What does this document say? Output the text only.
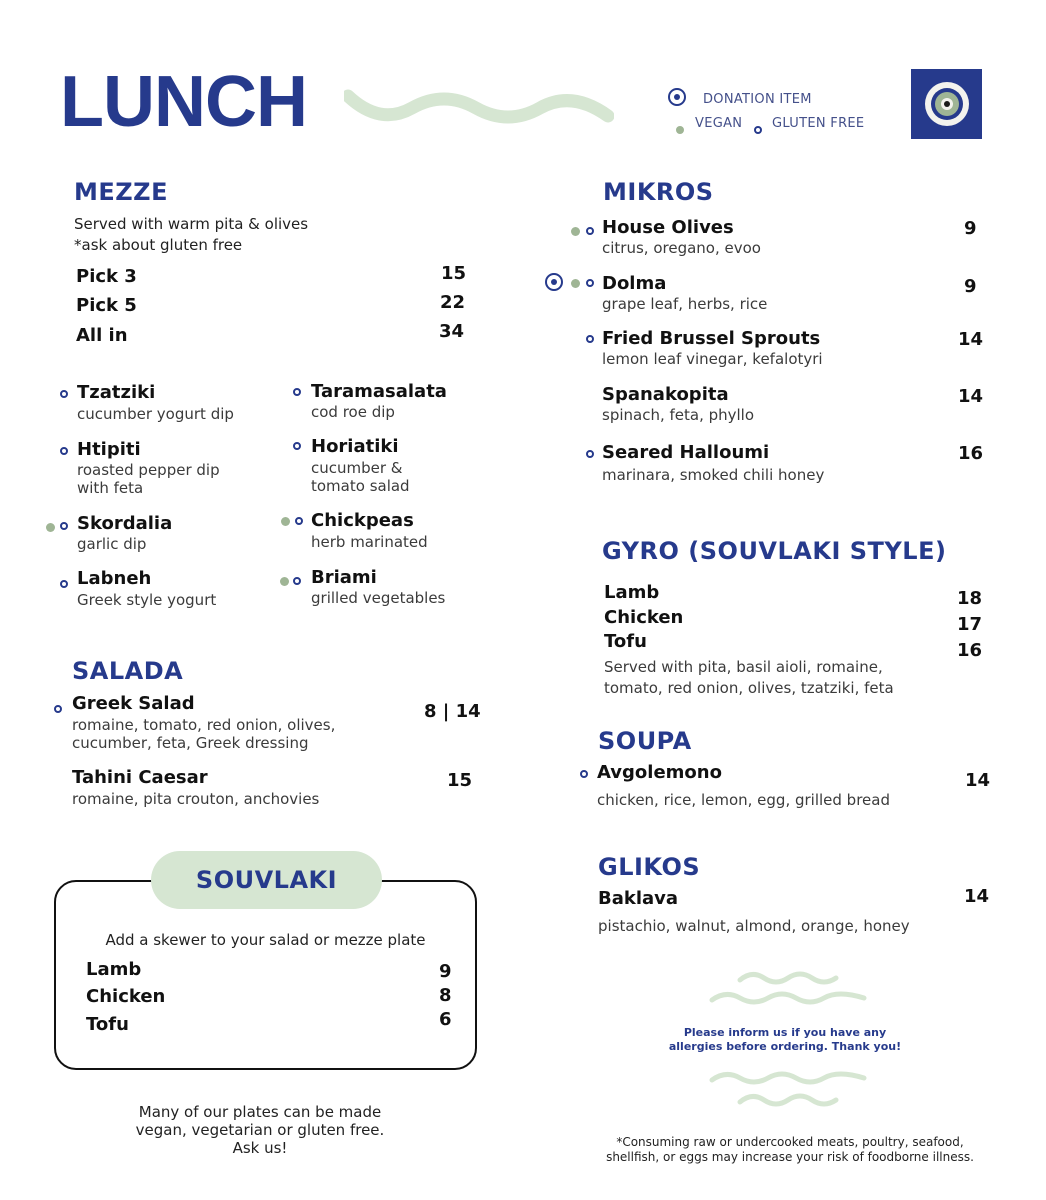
LUNCH	DONATION ITEM
VEGAN GLUTEN FREE
MEZZE
Served with warm pita & olives
*ask about gluten free
Pick 3	15
Pick 5	22
All in	34
Tzatziki
cucumber yogurt dip
Htipiti
roasted pepper dip
with feta
Skordalia
garlic dip
Labneh
Greek style yogurt
Taramasalata
cod roe dip
Horiatiki
cucumber &
tomato salad
Chickpeas
herb marinated
Briami
grilled vegetables
SALADA
Greek Salad
romaine, tomato, red onion, olives,
cucumber, feta, Greek dressing
8 | 14
Tahini Caesar
romaine, pita crouton, anchovies
15
SOUVLAKI
Add a skewer to your salad or mezze plate
Lamb	9
Chicken	8
Tofu	6
Many of our plates can be made
vegan, vegetarian or gluten free.
Ask us!
MIKROS
House Olives
citrus, oregano, evoo
9
Dolma
grape leaf, herbs, rice
9
Fried Brussel Sprouts
lemon leaf vinegar, kefalotyri
14
Spanakopita
spinach, feta, phyllo
14
Seared Halloumi
marinara, smoked chili honey
16
GYRO (SOUVLAKI STYLE)
Lamb	18
Chicken	17
Tofu	16
Served with pita, basil aioli, romaine,
tomato, red onion, olives, tzatziki, feta
SOUPA
Avgolemono
chicken, rice, lemon, egg, grilled bread
14
GLIKOS
Baklava
pistachio, walnut, almond, orange, honey
14
Please inform us if you have any
allergies before ordering. Thank you!
*Consuming raw or undercooked meats, poultry, seafood,
shellfish, or eggs may increase your risk of foodborne illness.
